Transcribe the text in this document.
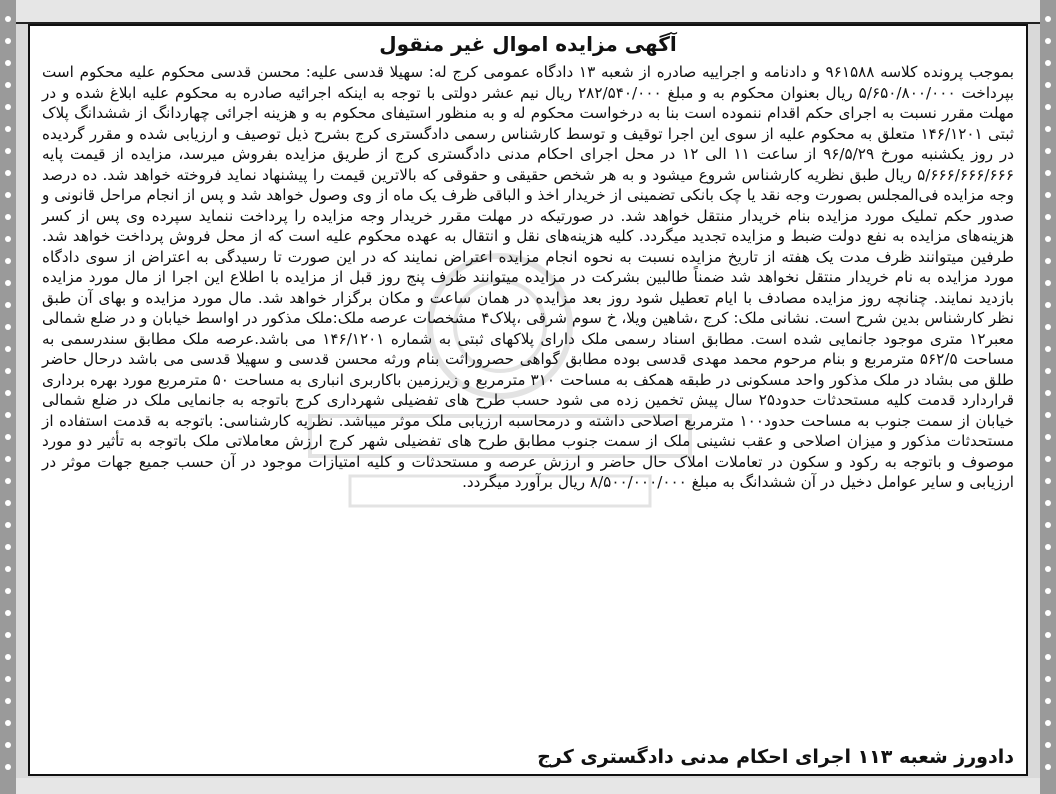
آگهی مزایده اموال غیر منقول
بموجب پرونده کلاسه ۹۶۱۵۸۸ و دادنامه و اجراییه صادره از شعبه ۱۳ دادگاه عمومی کرج له: سهیلا قدسی علیه: محسن قدسی محکوم علیه محکوم است بپرداخت ۵/۶۵۰/۸۰۰/۰۰۰ ریال بعنوان محکوم به و مبلغ ۲۸۲/۵۴۰/۰۰۰ ریال نیم عشر دولتی با توجه به اینکه اجرائیه صادره به محکوم علیه ابلاغ شده و در مهلت مقرر نسبت به اجرای حکم اقدام ننموده است بنا به درخواست محکوم له و به منظور استیفای محکوم به و هزینه اجرائی چهاردانگ از ششدانگ پلاک ثبتی ۱۴۶/۱۲۰۱ متعلق به محکوم علیه از سوی این اجرا توقیف و توسط کارشناس رسمی دادگستری کرج بشرح ذیل توصیف و ارزیابی شده و مقرر گردیده در روز یکشنبه مورخ ۹۶/۵/۲۹ از ساعت ۱۱ الی ۱۲ در محل اجرای احکام مدنی دادگستری کرج از طریق مزایده بفروش میرسد، مزایده از قیمت پایه ۵/۶۶۶/۶۶۶/۶۶۶ ریال طبق نظریه کارشناس شروع میشود و به هر شخص حقیقی و حقوقی که بالاترین قیمت را پیشنهاد نماید فروخته خواهد شد. ده درصد وجه مزایده فی‌المجلس بصورت وجه نقد یا چک بانکی تضمینی از خریدار اخذ و الباقی ظرف یک ماه از وی وصول خواهد شد و پس از انجام مراحل قانونی و صدور حکم تملیک مورد مزایده بنام خریدار منتقل خواهد شد. در صورتیکه در مهلت مقرر خریدار وجه مزایده را پرداخت ننماید سپرده وی پس از کسر هزینه‌های مزایده به نفع دولت ضبط و مزایده تجدید میگردد. کلیه هزینه‌های نقل و انتقال به عهده محکوم علیه است که از محل فروش پرداخت خواهد شد. طرفین میتوانند ظرف مدت یک هفته از تاریخ مزایده نسبت به نحوه انجام مزایده اعتراض نمایند که در این صورت تا رسیدگی به اعتراض از سوی دادگاه مورد مزایده به نام خریدار منتقل نخواهد شد ضمناً طالبین بشرکت در مزایده میتوانند ظرف پنج روز قبل از مزایده با اطلاع این اجرا از مال مورد مزایده بازدید نمایند. چنانچه روز مزایده مصادف با ایام تعطیل شود روز بعد مزایده در همان ساعت و مکان برگزار خواهد شد. مال مورد مزایده و بهای آن طبق نظر کارشناس بدین شرح است. نشانی ملک: کرج ،شاهین ویلا، خ سوم شرقی ،پلاک۴ مشخصات عرصه ملک:ملک مذکور در اواسط خیابان و در ضلع شمالی معبر۱۲ متری موجود جانمایی شده است. مطابق اسناد رسمی ملک دارای پلاکهای ثبتی به شماره ۱۴۶/۱۲۰۱ می باشد.عرصه ملک مطابق سندرسمی به مساحت ۵۶۲/۵ مترمربع و بنام مرحوم محمد مهدی قدسی بوده مطابق گواهی حصروراثت بنام ورثه محسن قدسی و سهیلا قدسی می باشد درحال حاضر طلق می بشاد در ملک مذکور واحد مسکونی در طبقه همکف به مساحت ۳۱۰ مترمربع و زیرزمین باکاربری انباری به مساحت ۵۰ مترمربع مورد بهره برداری قراردارد قدمت کلیه مستحدثات حدود۲۵ سال پیش تخمین زده می شود حسب طرح های تفضیلی شهرداری کرج باتوجه به جانمایی ملک در ضلع شمالی خیابان از سمت جنوب به مساحت حدود۱۰۰ مترمربع اصلاحی داشته و درمحاسبه ارزیابی ملک موثر میباشد. نظریه کارشناسی: باتوجه به قدمت استفاده از مستحدثات مذکور و میزان اصلاحی و عقب نشینی ملک از سمت جنوب مطابق طرح های تفضیلی شهر کرج ارزش معاملاتی ملک باتوجه به تأثیر دو مورد موصوف و باتوجه به رکود و سکون در تعاملات املاک حال حاضر و ارزش عرصه و مستحدثات و کلیه امتیازات موجود در آن حسب جمیع جهات موثر در ارزیابی و سایر عوامل دخیل در آن ششدانگ به مبلغ ۸/۵۰۰/۰۰۰/۰۰۰ ریال برآورد میگردد.
دادورز شعبه ۱۱۳ اجرای احکام مدنی دادگستری کرج
